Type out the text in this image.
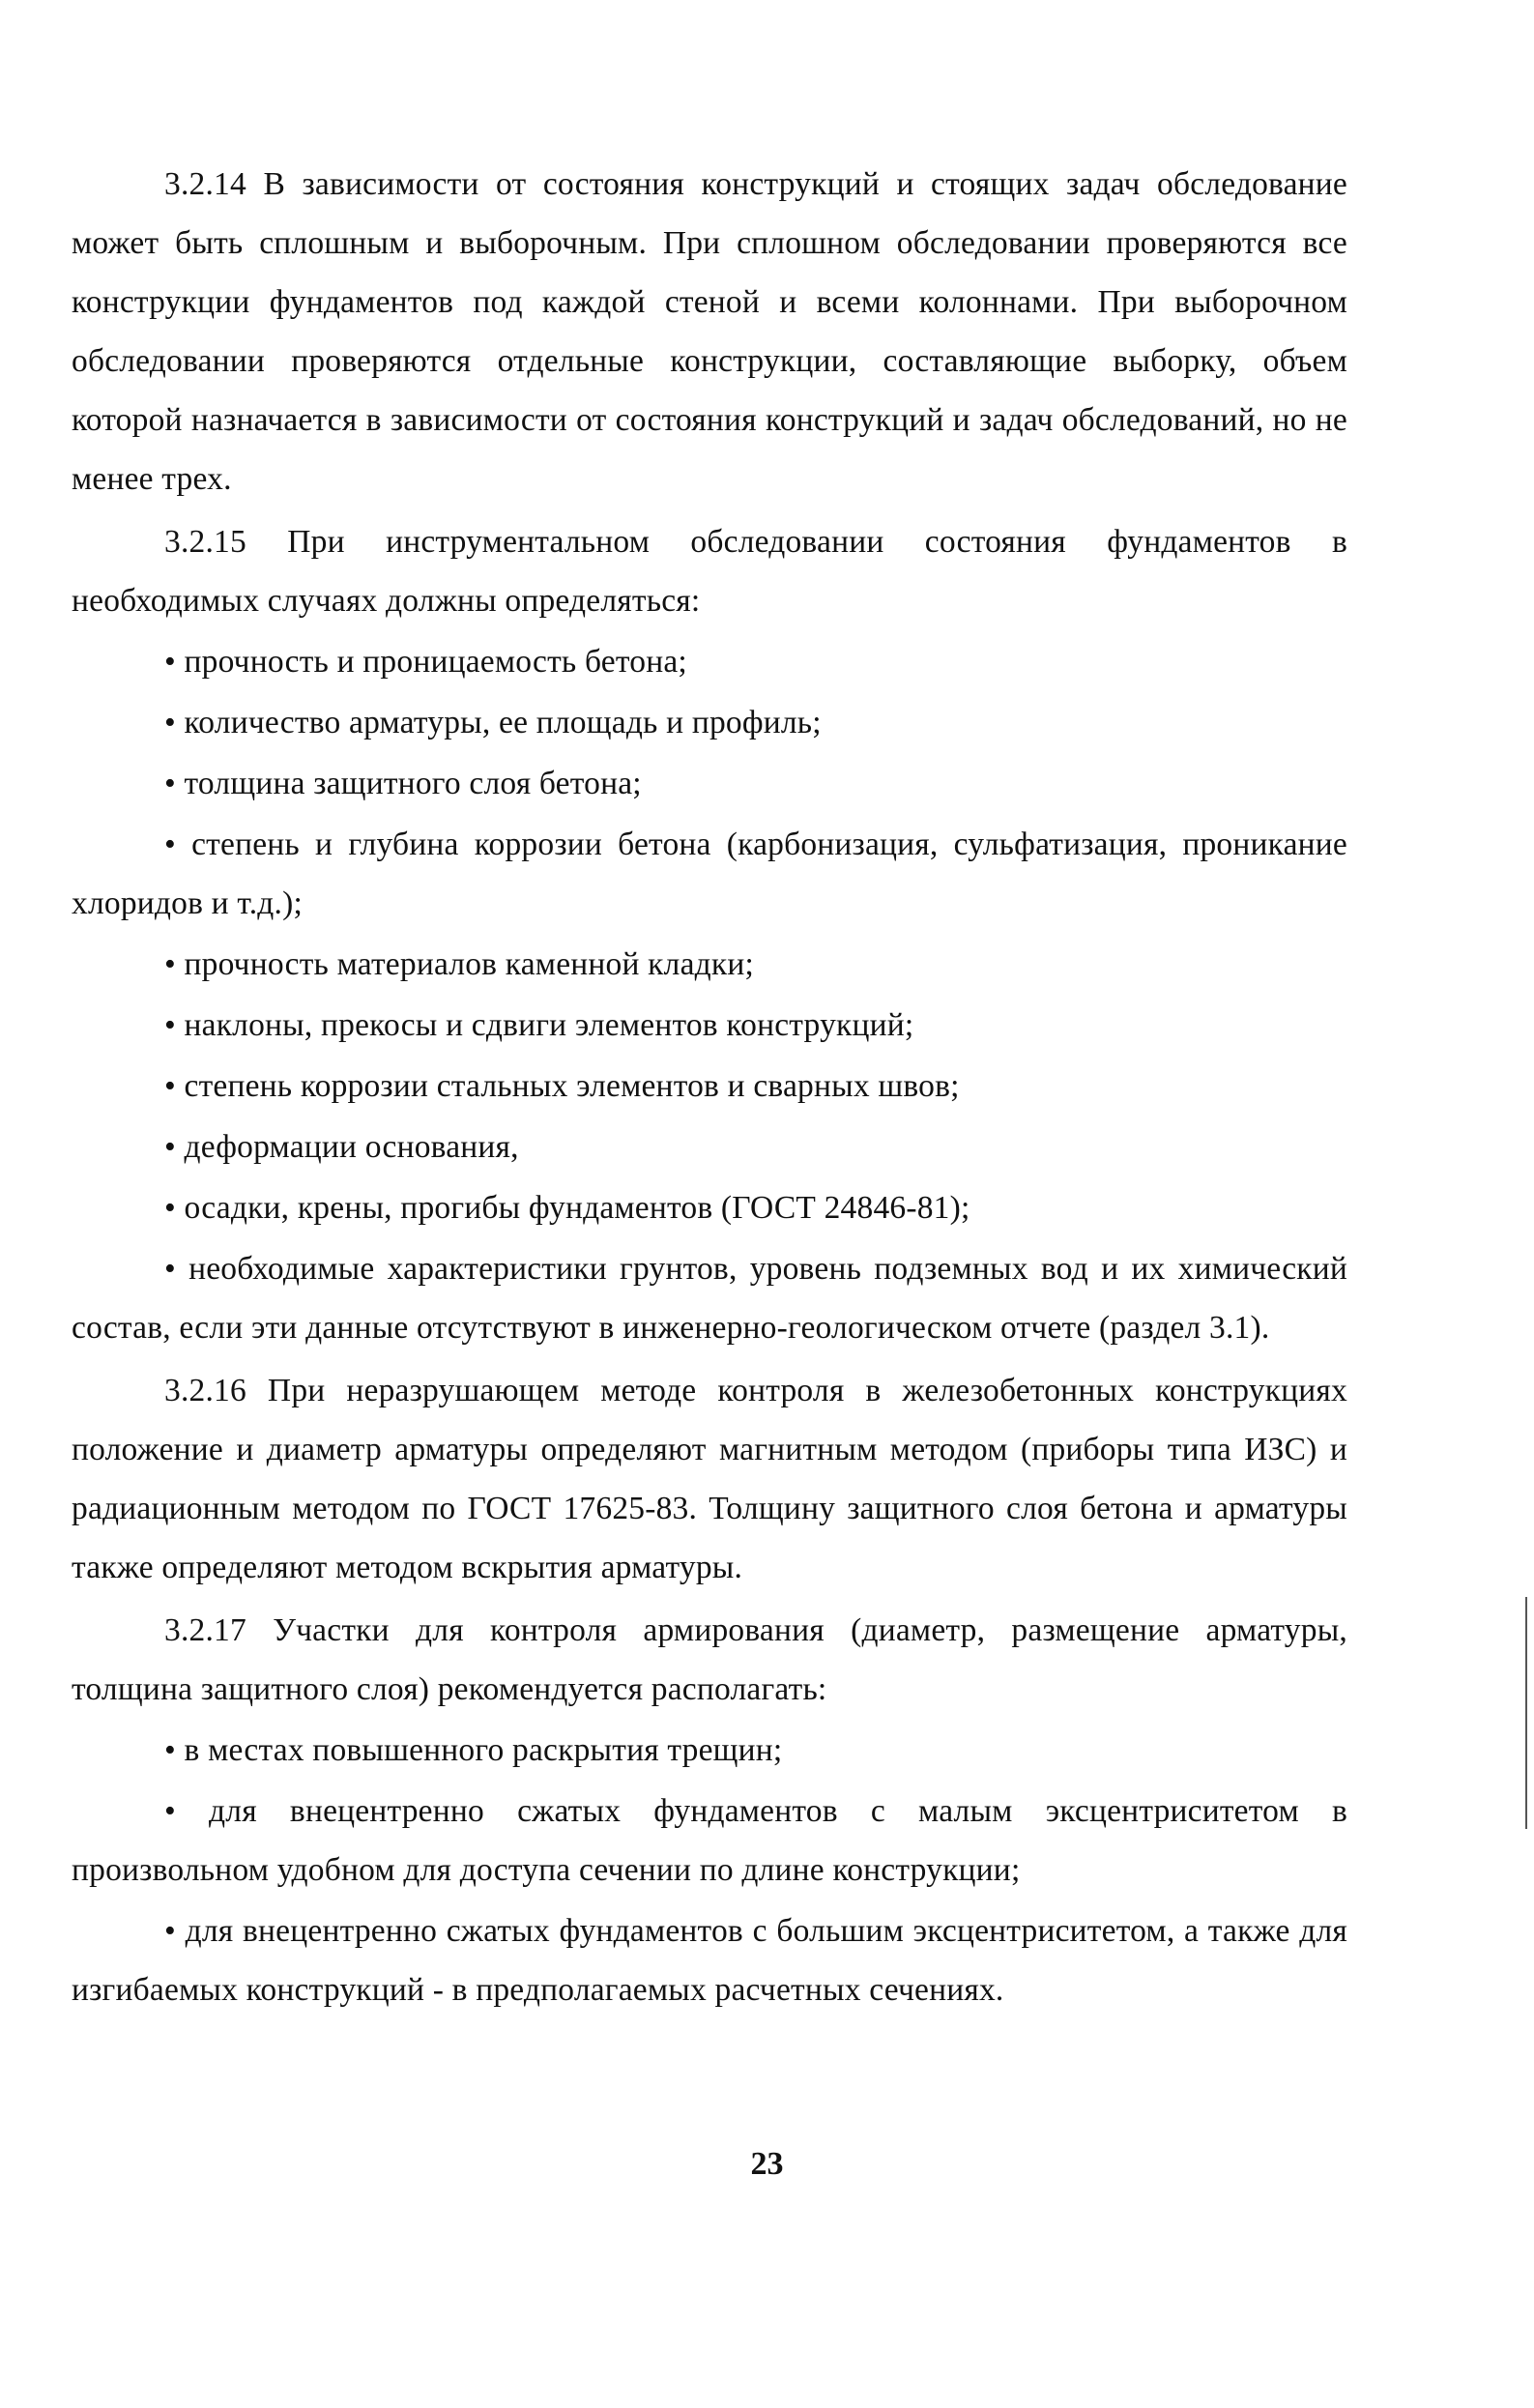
3.2.14 В зависимости от состояния конструкций и стоящих задач обследование может быть сплошным и выборочным. При сплошном обследовании проверяются все конструкции фундаментов под каждой стеной и всеми колоннами. При выборочном обследовании проверяются отдельные конструкции, составляющие выборку, объем которой назначается в зависимости от состояния конструкций и задач обследований, но не менее трех.

3.2.15 При инструментальном обследовании состояния фундаментов в необходимых случаях должны определяться:

• прочность и проницаемость бетона;

• количество арматуры, ее площадь и профиль;

• толщина защитного слоя бетона;

• степень и глубина коррозии бетона (карбонизация, сульфатизация, проникание хлоридов и т.д.);

• прочность материалов каменной кладки;

• наклоны, прекосы и сдвиги элементов конструкций;

• степень коррозии стальных элементов и сварных швов;

• деформации основания,

• осадки, крены, прогибы фундаментов (ГОСТ 24846-81);

• необходимые характеристики грунтов, уровень подземных вод и их химический состав, если эти данные отсутствуют в инженерно-геологическом отчете (раздел 3.1).

3.2.16 При неразрушающем методе контроля в железобетонных конструкциях положение и диаметр арматуры определяют магнитным методом (приборы типа ИЗС) и радиационным методом по ГОСТ 17625-83. Толщину защитного слоя бетона и арматуры также определяют методом вскрытия арматуры.

3.2.17 Участки для контроля армирования (диаметр, размещение арматуры, толщина защитного слоя) рекомендуется располагать:

• в местах повышенного раскрытия трещин;

• для внецентренно сжатых фундаментов с малым эксцентриситетом в произвольном удобном для доступа сечении по длине конструкции;

• для внецентренно сжатых фундаментов с большим эксцентриситетом, а также для изгибаемых конструкций - в предполагаемых расчетных сечениях.

23
